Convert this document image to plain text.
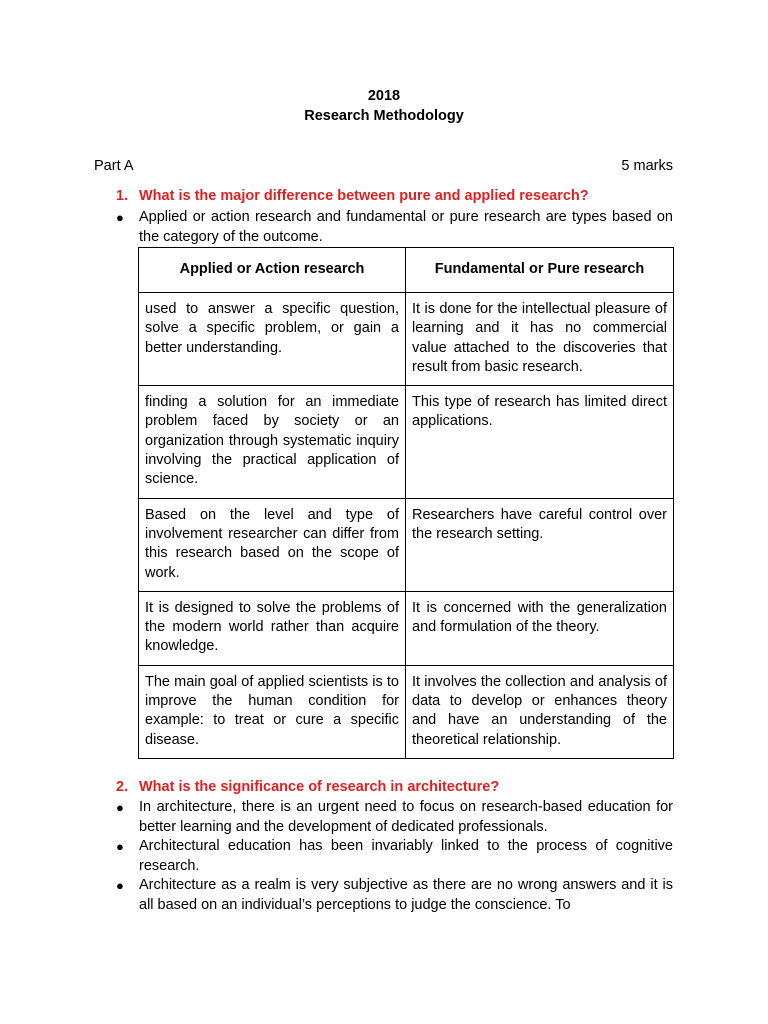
2018
Research Methodology
Part A	5 marks
1. What is the major difference between pure and applied research?
●	Applied or action research and fundamental or pure research are types based on the category of the outcome.
Applied or Action research	Fundamental or Pure research
used to answer a specific question, solve a specific problem, or gain a better understanding.	It is done for the intellectual pleasure of learning and it has no commercial value attached to the discoveries that result from basic research.
finding a solution for an immediate problem faced by society or an organization through systematic inquiry involving the practical application of science.	This type of research has limited direct applications.
Based on the level and type of involvement researcher can differ from this research based on the scope of work.	Researchers have careful control over the research setting.
It is designed to solve the problems of the modern world rather than acquire knowledge.	It is concerned with the generalization and formulation of the theory.
The main goal of applied scientists is to improve the human condition for example: to treat or cure a specific disease.	It involves the collection and analysis of data to develop or enhances theory and have an understanding of the theoretical relationship.
2. What is the significance of research in architecture?
●	In architecture, there is an urgent need to focus on research-based education for better learning and the development of dedicated professionals.
●	Architectural education has been invariably linked to the process of cognitive research.
●	Architecture as a realm is very subjective as there are no wrong answers and it is all based on an individual’s perceptions to judge the conscience. To
